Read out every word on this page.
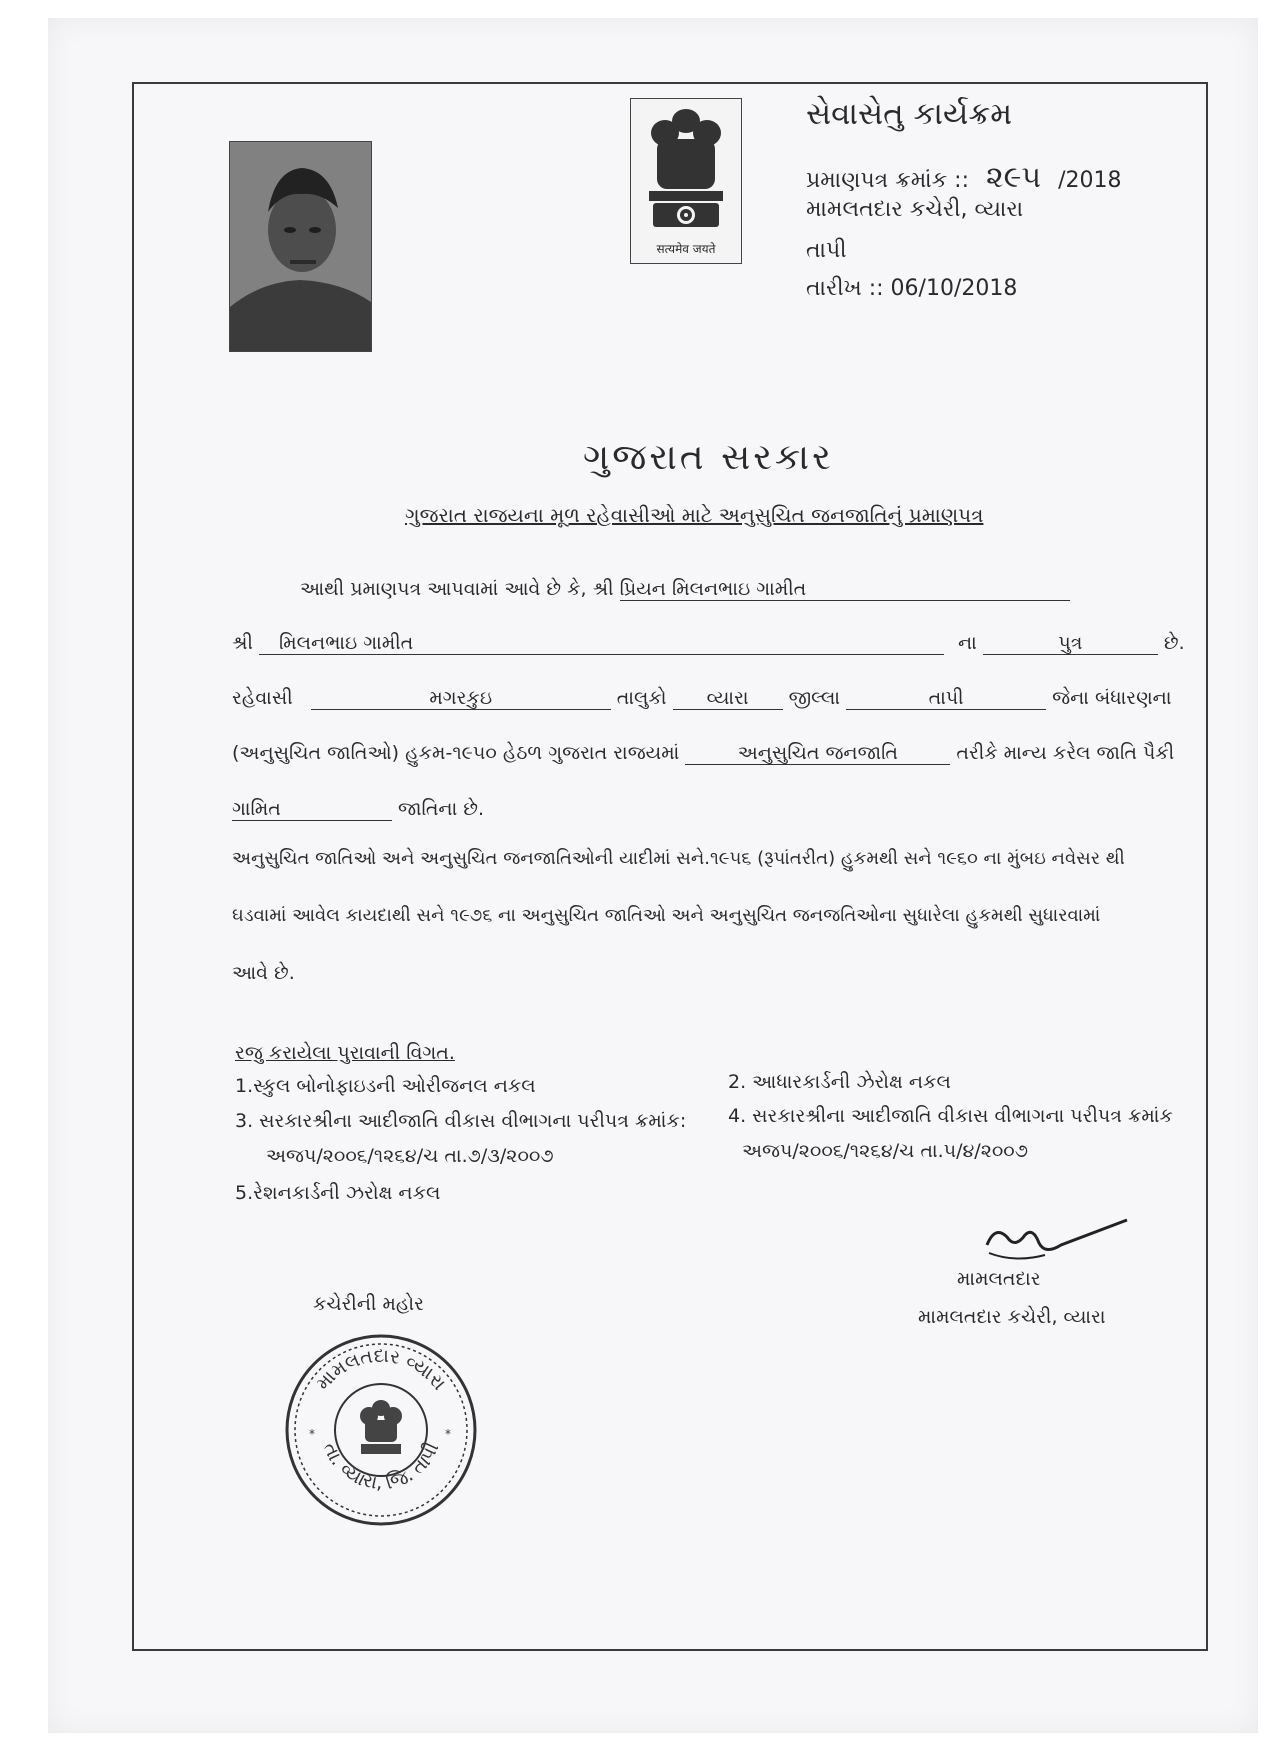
सत्यमेव जयते
સેવાસેતુ કાર્યક્રમ
પ્રમાણપત્ર ક્રમાંક :: ૨૯૫ /2018
મામલતદાર કચેરી, વ્યારા
તાપી
તારીખ :: 06/10/2018
ગુજરાત સરકાર
ગુજરાત રાજયના મૂળ રહેવાસીઓ માટે અનુસુચિત જનજાતિનું પ્રમાણપત્ર
આથી પ્રમાણપત્ર આપવામાં આવે છે કે, શ્રી પ્રિયન મિલનભાઇ ગામીત
શ્રી મિલનભાઇ ગામીત	ના	પુત્ર	છે.
રહેવાસી	મગરકુઇ	તાલુકો વ્યારા જીલ્લા	તાપી	જેના બંધારણના
(અનુસુચિત જાતિઓ) હુકમ-૧૯૫૦ હેઠળ ગુજરાત રાજયમાં	અનુસુચિત જનજાતિ	તરીકે માન્ય કરેલ જાતિ પૈકી
ગામિત	જાતિના છે.
અનુસુચિત જાતિઓ અને અનુસુચિત જનજાતિઓની યાદીમાં સને.૧૯૫૬ (રૂપાંતરીત) હુકમથી સને ૧૯૬૦ ના મુંબઇ નવેસર થી
ઘડવામાં આવેલ કાયદાથી સને ૧૯૭૬ ના અનુસુચિત જાતિઓ અને અનુસુચિત જનજતિઓના સુધારેલા હુકમથી સુધારવામાં
આવે છે.
રજુ કરાયેલા પુરાવાની વિગત.
1.સ્કુલ બોનોફાઇડની ઓરીજનલ નકલ	2. આધારકાર્ડની ઝેરોક્ષ નકલ
3. સરકારશ્રીના આદીજાતિ વીકાસ વીભાગના પરીપત્ર ક્રમાંક:
અજપ/૨૦૦૬/૧૨૬૪/ચ તા.૭/૩/૨૦૦૭
4. સરકારશ્રીના આદીજાતિ વીકાસ વીભાગના પરીપત્ર ક્રમાંક
અજપ/૨૦૦૬/૧૨૬૪/ચ તા.૫/૪/૨૦૦૭
5.રેશનકાર્ડની ઝરોક્ષ નકલ
મામલતદાર
મામલતદાર કચેરી, વ્યારા
કચેરીની મહોર
મામલતદાર વ્યારા
તા. વ્યારા, જિ. તાપી
*	*
